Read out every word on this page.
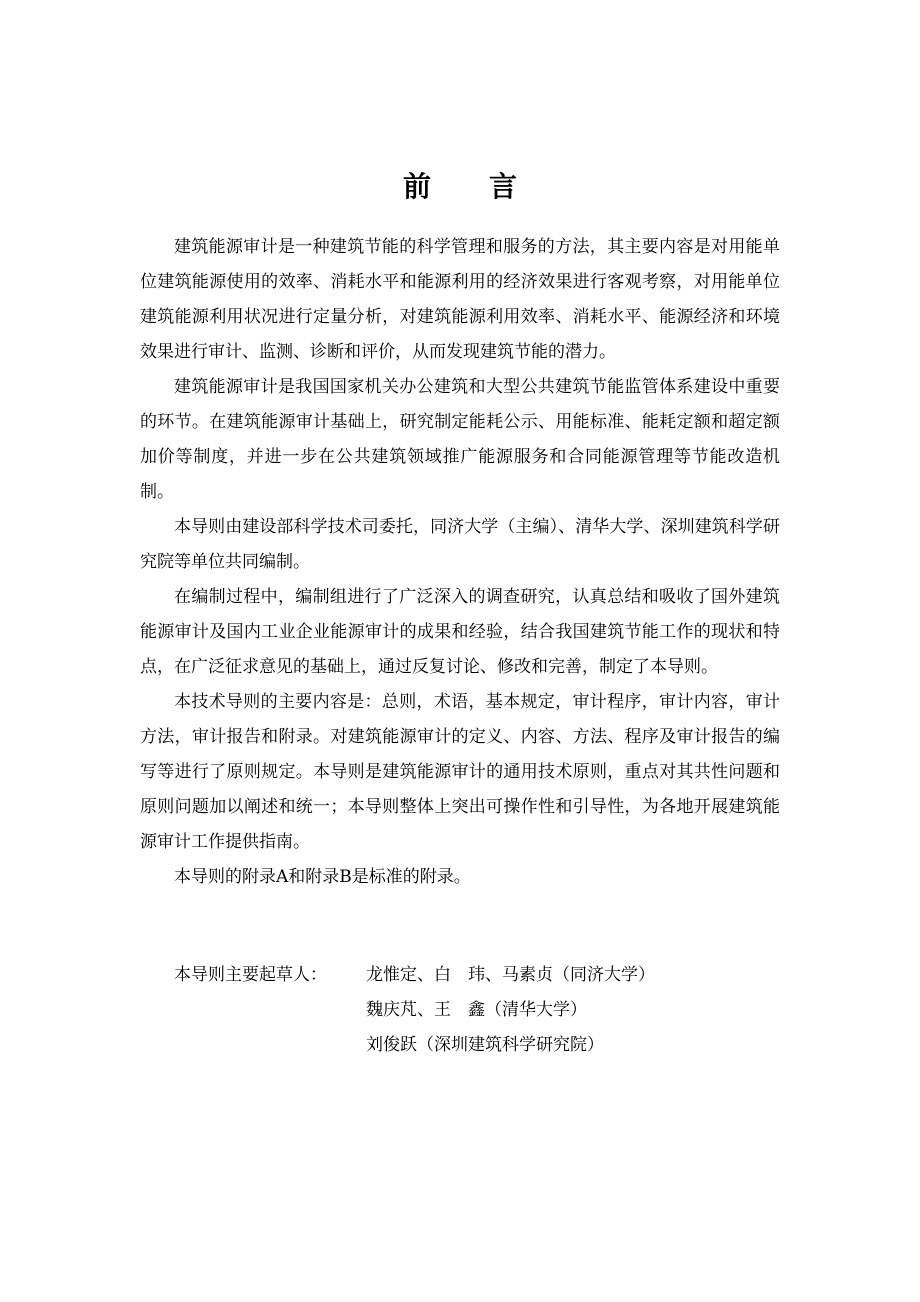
前言

建筑能源审计是一种建筑节能的科学管理和服务的方法，其主要内容是对用能单位建筑能源使用的效率、消耗水平和能源利用的经济效果进行客观考察，对用能单位建筑能源利用状况进行定量分析，对建筑能源利用效率、消耗水平、能源经济和环境效果进行审计、监测、诊断和评价，从而发现建筑节能的潜力。

建筑能源审计是我国国家机关办公建筑和大型公共建筑节能监管体系建设中重要的环节。在建筑能源审计基础上，研究制定能耗公示、用能标准、能耗定额和超定额加价等制度，并进一步在公共建筑领域推广能源服务和合同能源管理等节能改造机制。

本导则由建设部科学技术司委托，同济大学（主编）、清华大学、深圳建筑科学研究院等单位共同编制。

在编制过程中，编制组进行了广泛深入的调查研究，认真总结和吸收了国外建筑能源审计及国内工业企业能源审计的成果和经验，结合我国建筑节能工作的现状和特点，在广泛征求意见的基础上，通过反复讨论、修改和完善，制定了本导则。

本技术导则的主要内容是：总则，术语，基本规定，审计程序，审计内容，审计方法，审计报告和附录。对建筑能源审计的定义、内容、方法、程序及审计报告的编写等进行了原则规定。本导则是建筑能源审计的通用技术原则，重点对其共性问题和原则问题加以阐述和统一；本导则整体上突出可操作性和引导性，为各地开展建筑能源审计工作提供指南。

本导则的附录A和附录B是标准的附录。

本导则主要起草人：	龙惟定、白　玮、马素贞（同济大学）
魏庆芃、王　鑫（清华大学）
刘俊跃（深圳建筑科学研究院）
